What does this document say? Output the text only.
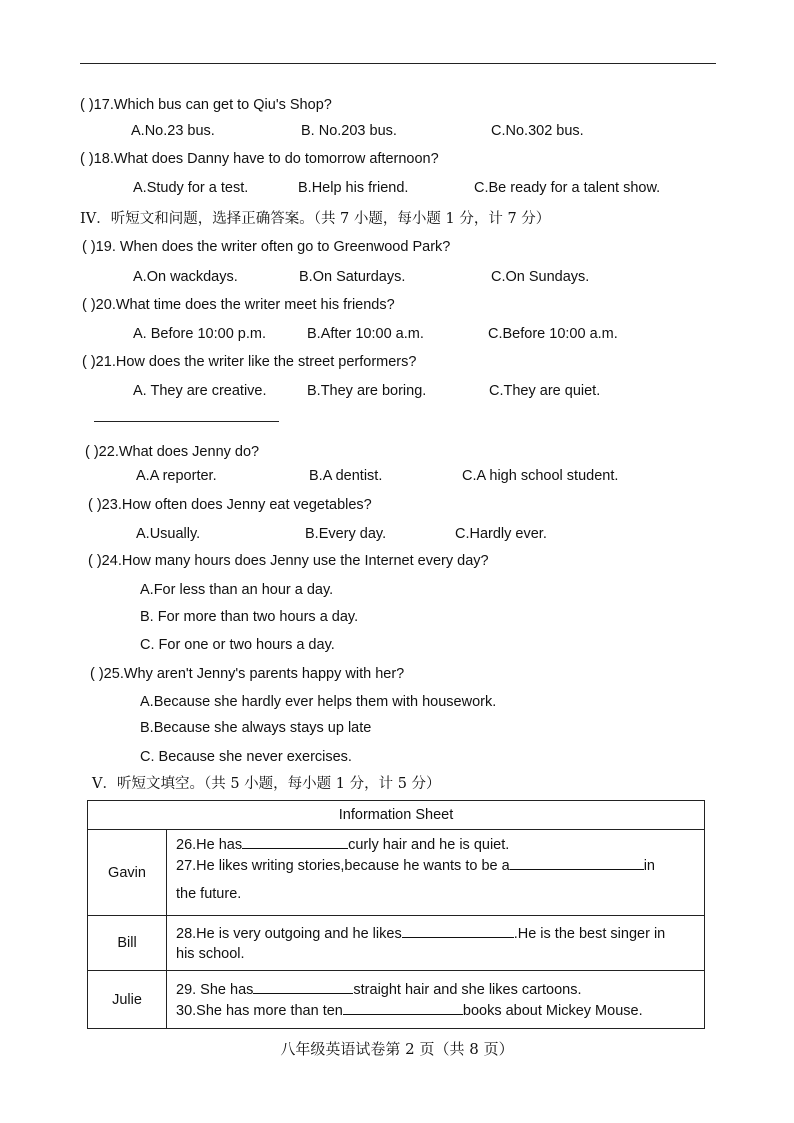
( )17.Which bus can get to Qiu's Shop?
A.No.23 bus.	B. No.203 bus.	C.No.302 bus.
( )18.What does Danny have to do tomorrow afternoon?
A.Study for a test.	B.Help his friend.	C.Be ready for a talent show.
IV．听短文和问题，选择正确答案。（共 7 小题，每小题 1 分，计 7 分）
( )19. When does the writer often go to Greenwood Park?
A.On wackdays.	B.On Saturdays.	C.On Sundays.
( )20.What time does the writer meet his friends?
A. Before 10:00 p.m.	B.After 10:00 a.m.	C.Before 10:00 a.m.
( )21.How does the writer like the street performers?
A. They are creative.	B.They are boring.	C.They are quiet.
( )22.What does Jenny do?
A.A reporter.	B.A dentist.	C.A high school student.
( )23.How often does Jenny eat vegetables?
A.Usually.	B.Every day.	C.Hardly ever.
( )24.How many hours does Jenny use the Internet every day?
A.For less than an hour a day.
B. For more than two hours a day.
C. For one or two hours a day.
( )25.Why aren't Jenny's parents happy with her?
A.Because she hardly ever helps them with housework.
B.Because she always stays up late
C. Because she never exercises.
V．听短文填空。（共 5 小题，每小题 1 分，计 5 分）
Information Sheet	
Gavin	26.He has curly hair and he is quiet.
27.He likes writing stories,because he wants to be a in
the future.

Bill	28.He is very outgoing and he likes .He is the best singer in
his school.

Julie	29. She has straight hair and she likes cartoons.
30.She has more than ten books about Mickey Mouse.
八年级英语试卷第 2 页（共 8 页）
